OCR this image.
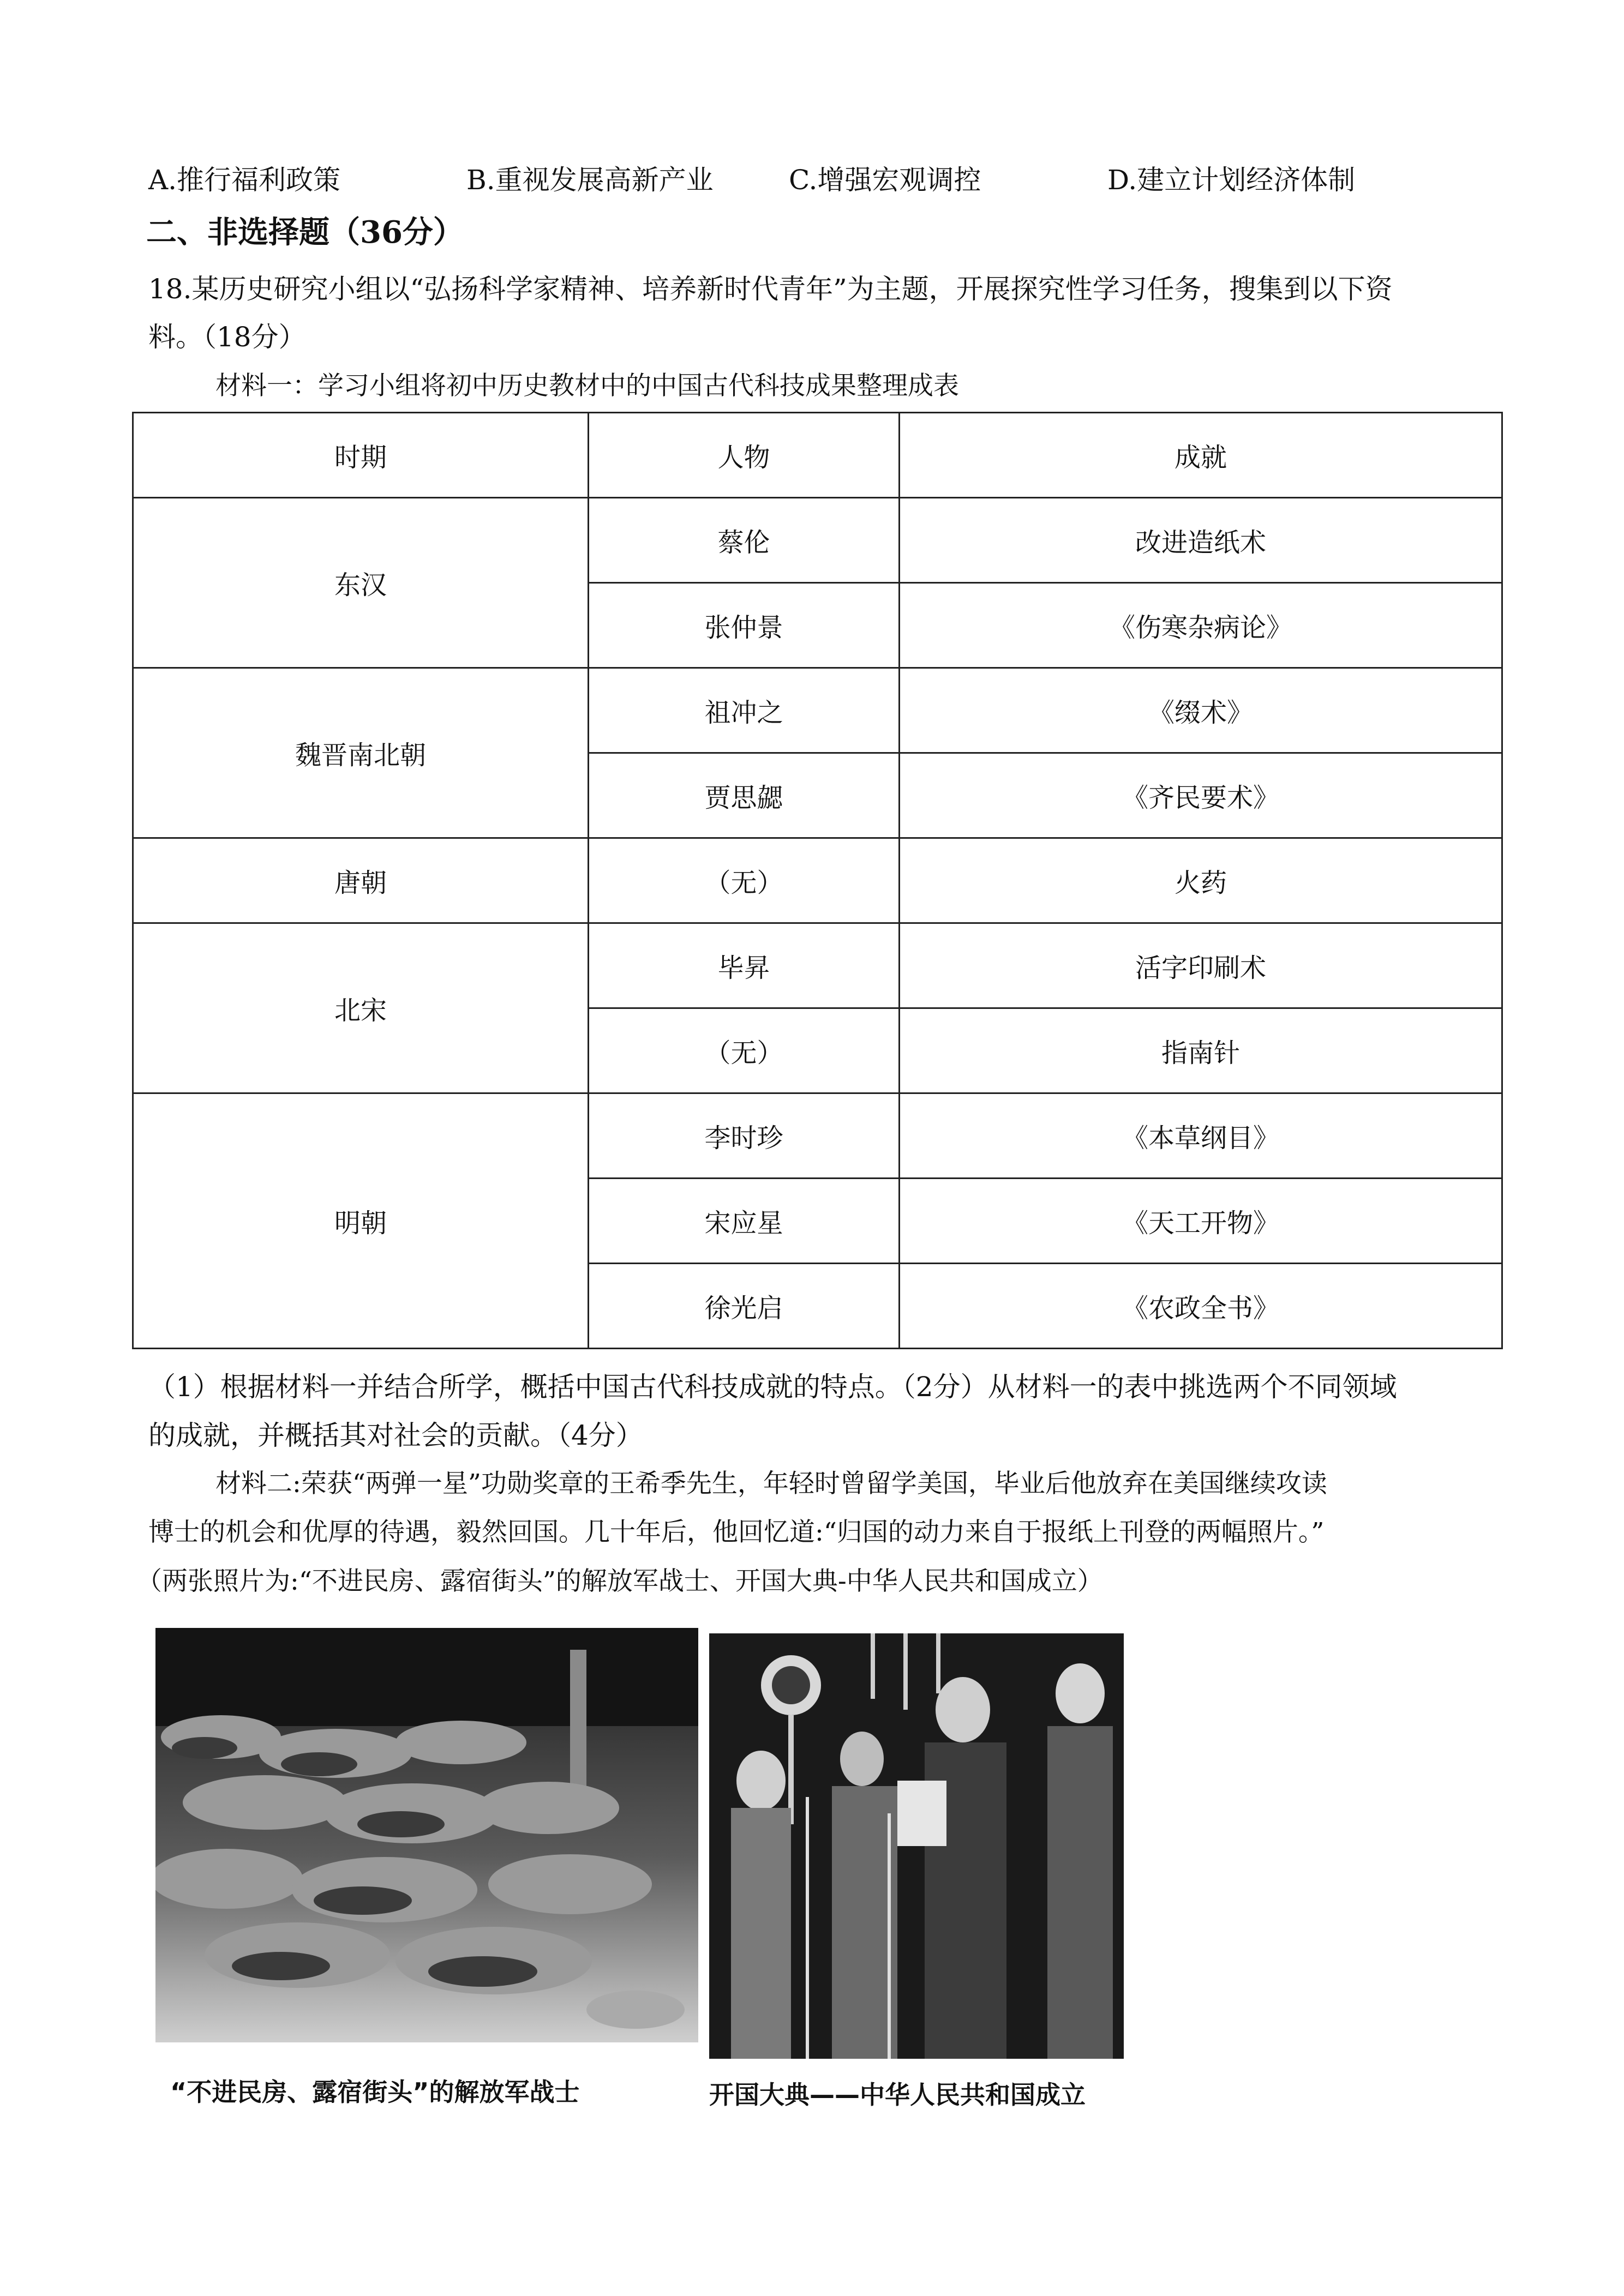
A.推行福利政策	B.重视发展高新产业	C.增强宏观调控	D.建立计划经济体制
二、非选择题（36分）
18.某历史研究小组以“弘扬科学家精神、培养新时代青年”为主题，开展探究性学习任务，搜集到以下资
料。（18分）
材料一：学习小组将初中历史教材中的中国古代科技成果整理成表
时期	人物	成就
东汉	蔡伦	改进造纸术
	张仲景	《伤寒杂病论》
魏晋南北朝	祖冲之	《缀术》
	贾思勰	《齐民要术》
唐朝	（无）	火药
北宋	毕昇	活字印刷术
	（无）	指南针
明朝	李时珍	《本草纲目》
	宋应星	《天工开物》
	徐光启	《农政全书》
（1）根据材料一并结合所学，概括中国古代科技成就的特点。（2分）从材料一的表中挑选两个不同领域
的成就，并概括其对社会的贡献。（4分）
材料二:荣获“两弹一星”功勋奖章的王希季先生，年轻时曾留学美国，毕业后他放弃在美国继续攻读
博士的机会和优厚的待遇，毅然回国。几十年后，他回忆道:“归国的动力来自于报纸上刊登的两幅照片。”
（两张照片为:“不进民房、露宿街头”的解放军战士、开国大典-中华人民共和国成立）
“不进民房、露宿街头”的解放军战士	开国大典——中华人民共和国成立
